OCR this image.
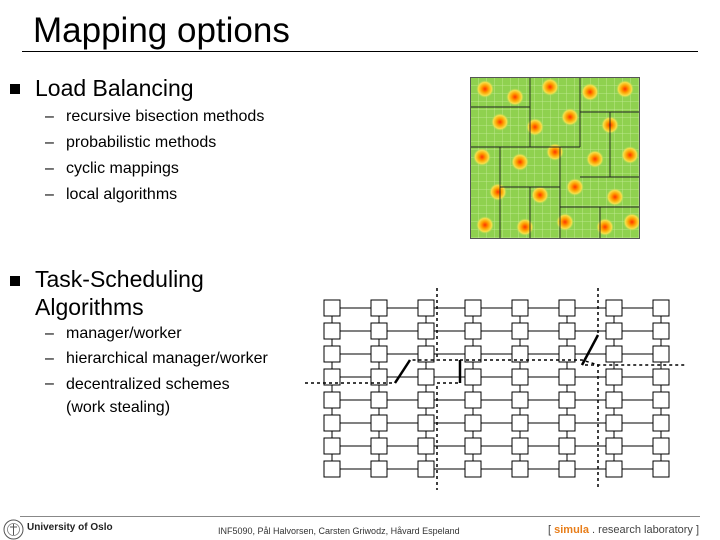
Mapping options
Load Balancing
– recursive bisection methods
– probabilistic methods
– cyclic mappings
– local algorithms
Task-Scheduling
Algorithms
– manager/worker
– hierarchical manager/worker
– decentralized schemes
(work stealing)
University of Oslo	INF5090, Pål Halvorsen, Carsten Griwodz, Håvard Espeland	[ simula . research laboratory ]
